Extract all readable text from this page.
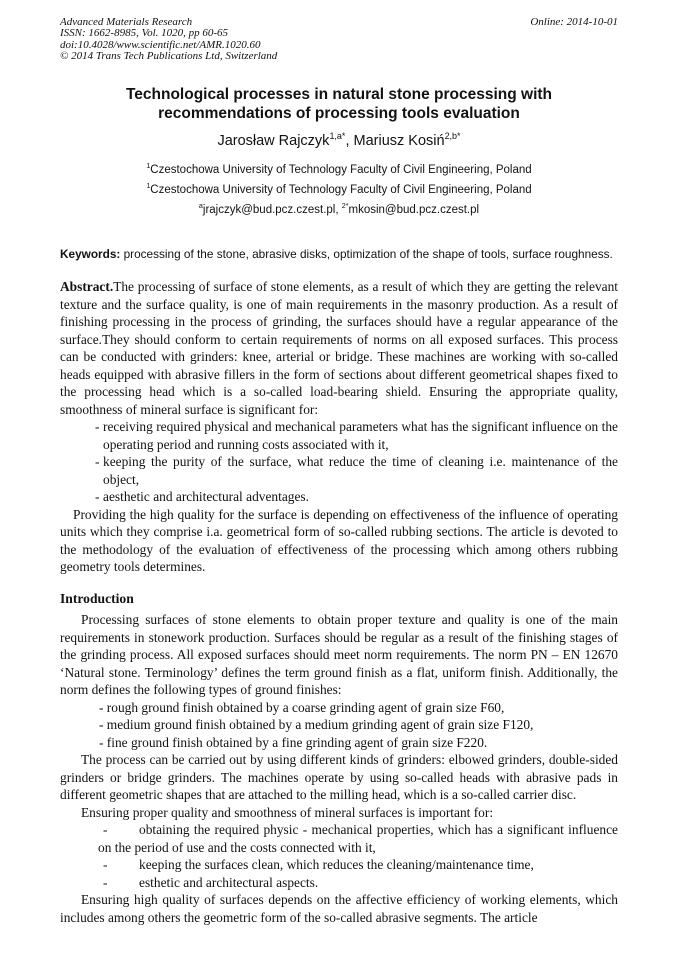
Advanced Materials Research
ISSN: 1662-8985, Vol. 1020, pp 60-65
doi:10.4028/www.scientific.net/AMR.1020.60
© 2014 Trans Tech Publications Ltd, Switzerland
Online: 2014-10-01
Technological processes in natural stone processing with recommendations of processing tools evaluation
Jarosław Rajczyk$^{1,a*}$, Mariusz Kosiń$^{2,b*}$
$^1$Czestochowa University of Technology Faculty of Civil Engineering, Poland
$^1$Czestochowa University of Technology Faculty of Civil Engineering, Poland
$^a$jrajczyk@bud.pcz.czest.pl, $^{2*}$mkosin@bud.pcz.czest.pl

Keywords: processing of the stone, abrasive disks, optimization of the shape of tools, surface roughness.

Abstract.The processing of surface of stone elements, as a result of which they are getting the relevant texture and the surface quality, is one of main requirements in the masonry production. As a result of finishing processing in the process of grinding, the surfaces should have a regular appearance of the surface.They should conform to certain requirements of norms on all exposed surfaces. This process can be conducted with grinders: knee, arterial or bridge. These machines are working with so-called heads equipped with abrasive fillers in the form of sections about different geometrical shapes fixed to the processing head which is a so-called load-bearing shield. Ensuring the appropriate quality, smoothness of mineral surface is significant for:

- receiving required physical and mechanical parameters what has the significant influence on the operating period and running costs associated with it,
- keeping the purity of the surface, what reduce the time of cleaning i.e. maintenance of the object,
- aesthetic and architectural adventages.

Providing the high quality for the surface is depending on effectiveness of the influence of operating units which they comprise i.a. geometrical form of so-called rubbing sections. The article is devoted to the methodology of the evaluation of effectiveness of the processing which among others rubbing geometry tools determines.

Introduction

Processing surfaces of stone elements to obtain proper texture and quality is one of the main requirements in stonework production. Surfaces should be regular as a result of the finishing stages of the grinding process. All exposed surfaces should meet norm requirements. The norm PN – EN 12670 ‘Natural stone. Terminology’ defines the term ground finish as a flat, uniform finish. Additionally, the norm defines the following types of ground finishes:

- rough ground finish obtained by a coarse grinding agent of grain size F60,
- medium ground finish obtained by a medium grinding agent of grain size F120,
- fine ground finish obtained by a fine grinding agent of grain size F220.

The process can be carried out by using different kinds of grinders: elbowed grinders, double-sided grinders or bridge grinders. The machines operate by using so-called heads with abrasive pads in different geometric shapes that are attached to the milling head, which is a so-called carrier disc.

Ensuring proper quality and smoothness of mineral surfaces is important for:

- obtaining the required physic - mechanical properties, which has a significant influence on the period of use and the costs connected with it,
- keeping the surfaces clean, which reduces the cleaning/maintenance time,
- esthetic and architectural aspects.

Ensuring high quality of surfaces depends on the affective efficiency of working elements, which includes among others the geometric form of the so-called abrasive segments. The article
